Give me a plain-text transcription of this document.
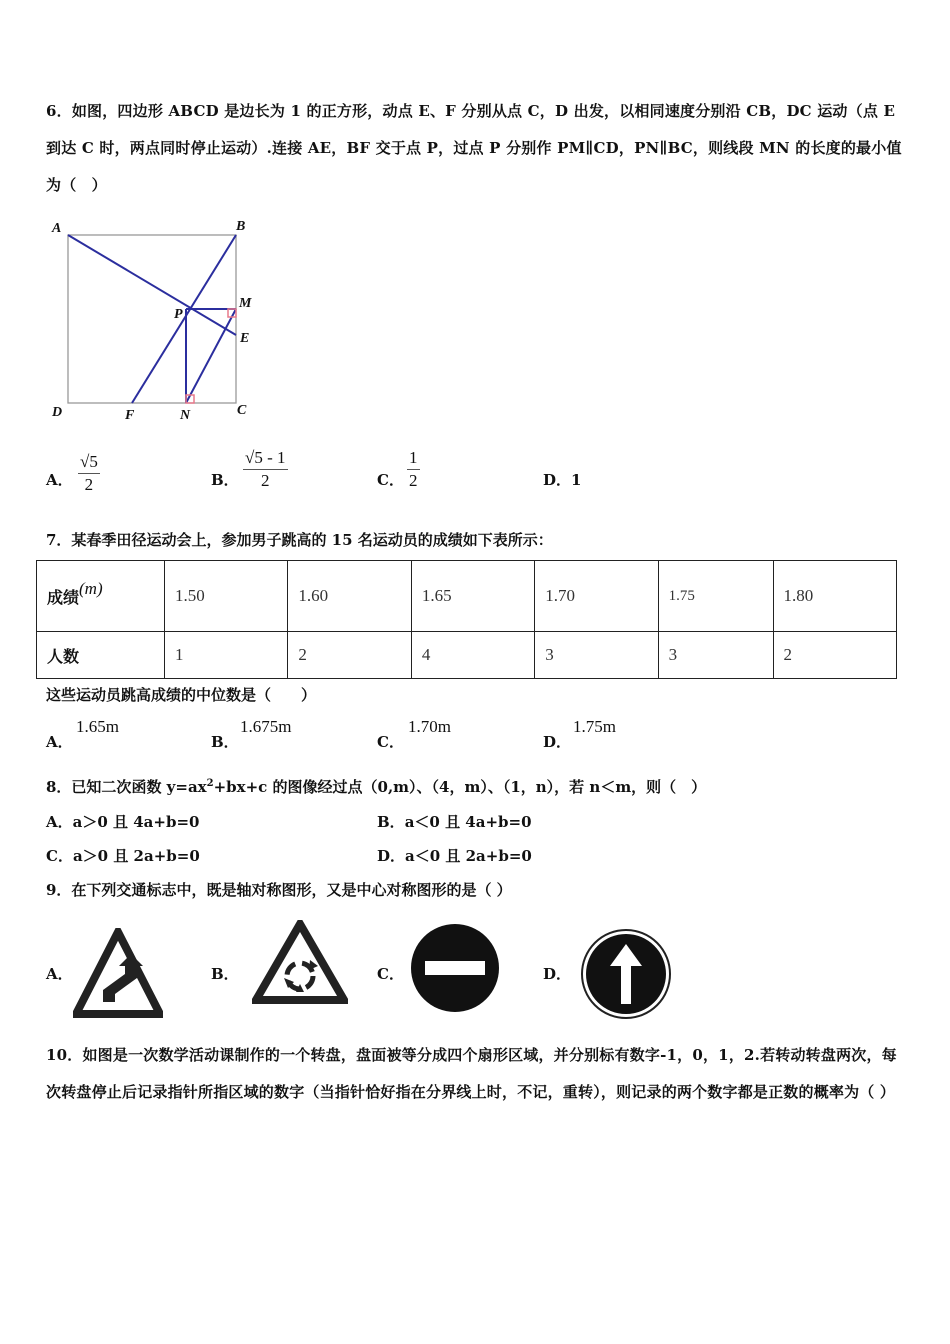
6．如图，四边形 ABCD 是边长为 1 的正方形，动点 E、F 分别从点 C，D 出发，以相同速度分别沿 CB，DC 运动（点 E 到达 C 时，两点同时停止运动）.连接 AE，BF 交于点 P，过点 P 分别作 PM∥CD，PN∥BC，则线段 MN 的长度的最小值为（　）
A	B
C
D
E
F
M
N
P
A．
√5
2	B．
√5 - 1
2	C．
1
2	D．1
7．某春季田径运动会上，参加男子跳高的 15 名运动员的成绩如下表所示：
成绩(m)	1.50	1.60	1.65	1.70	1.75	1.80
人数	1	2	4	3	3	2
这些运动员跳高成绩的中位数是（　　）
A．
1.65m
B．
1.675m
C．
1.70m
D．
1.75m
8．已知二次函数 $y=ax^2+bx+c$ 的图像经过点（0,m）、（4，m）、（1，n），若 n＜m，则（　）
A．a＞0 且 4a+b=0	B．a＜0 且 4a+b=0
C．a＞0 且 2a+b=0	D．a＜0 且 2a+b=0
9．在下列交通标志中，既是轴对称图形，又是中心对称图形的是（ ）
A．	B．	C．	D．
10．如图是一次数学活动课制作的一个转盘，盘面被等分成四个扇形区域，并分别标有数字-1，0，1，2.若转动转盘两次，每次转盘停止后记录指针所指区域的数字（当指针恰好指在分界线上时，不记，重转），则记录的两个数字都是正数的概率为（ ）
